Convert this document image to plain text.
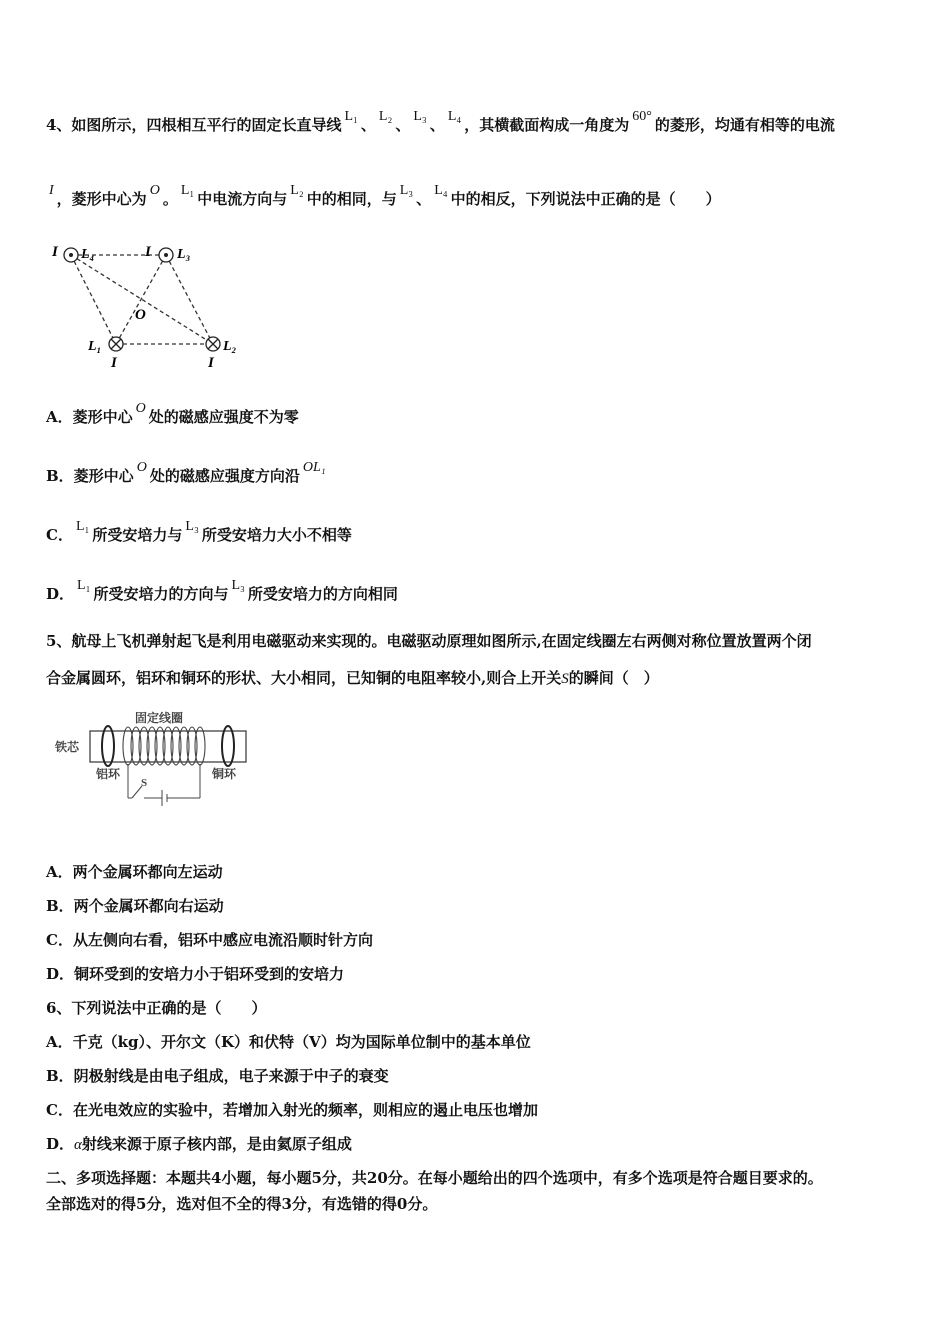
4、如图所示，四根相互平行的固定长直导线 L₁ 、 L₂ 、 L₃ 、 L₄ ，其横截面构成一角度为 60° 的菱形，均通有相等的电流
I ，菱形中心为 O 。 L₁ 中电流方向与 L₂ 中的相同，与 L₃ 、 L₄ 中的相反，下列说法中正确的是（　　）
I L₄	I L₃
O
L₁	L₂
I	I
A．菱形中心 O 处的磁感应强度不为零
B．菱形中心 O 处的磁感应强度方向沿 OL₁
C． L₁ 所受安培力与 L₃ 所受安培力大小不相等
D． L₁ 所受安培力的方向与 L₃ 所受安培力的方向相同
5、航母上飞机弹射起飞是利用电磁驱动来实现的。电磁驱动原理如图所示,在固定线圈左右两侧对称位置放置两个闭
合金属圆环，铝环和铜环的形状、大小相同，已知铜的电阻率较小,则合上开关S的瞬间（　）
铁芯
固定线圈
铝环	铜环
S
A．两个金属环都向左运动
B．两个金属环都向右运动
C．从左侧向右看，铝环中感应电流沿顺时针方向
D．铜环受到的安培力小于铝环受到的安培力
6、下列说法中正确的是（　　）
A．千克（kg）、开尔文（K）和伏特（V）均为国际单位制中的基本单位
B．阴极射线是由电子组成，电子来源于中子的衰变
C．在光电效应的实验中，若增加入射光的频率，则相应的遏止电压也增加
D．α射线来源于原子核内部，是由氦原子组成
二、多项选择题：本题共4小题，每小题5分，共20分。在每小题给出的四个选项中，有多个选项是符合题目要求的。
全部选对的得5分，选对但不全的得3分，有选错的得0分。
